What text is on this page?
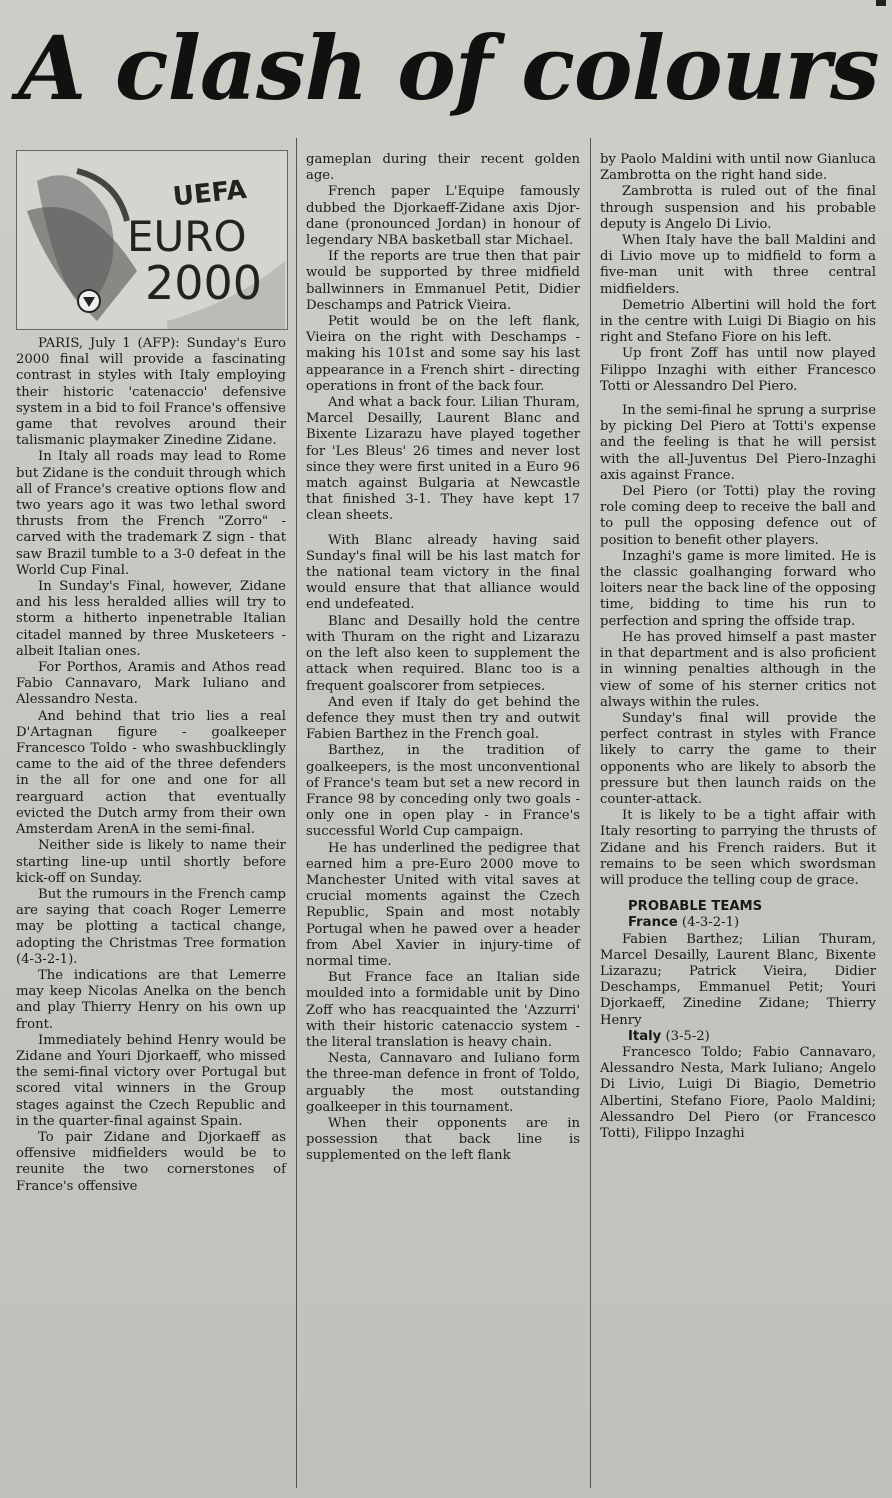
A clash of colours
UEFA
EURO
2000

PARIS, July 1 (AFP): Sunday's Euro 2000 final will provide a fascinating contrast in styles with Italy employing their historic 'catenaccio' defensive system in a bid to foil France's offensive game that revolves around their talismanic playmaker Zinedine Zidane.

In Italy all roads may lead to Rome but Zidane is the conduit through which all of France's creative options flow and two years ago it was two lethal sword thrusts from the French "Zorro" - carved with the trademark Z sign - that saw Brazil tumble to a 3-0 defeat in the World Cup Final.

In Sunday's Final, however, Zidane and his less heralded allies will try to storm a hitherto inpenetrable Italian citadel manned by three Musketeers - albeit Italian ones.

For Porthos, Aramis and Athos read Fabio Cannavaro, Mark Iuliano and Alessandro Nesta.

And behind that trio lies a real D'Artagnan figure - goalkeeper Francesco Toldo - who swashbucklingly came to the aid of the three defenders in the all for one and one for all rearguard action that eventually evicted the Dutch army from their own Amsterdam ArenA in the semi-final.

Neither side is likely to name their starting line-up until shortly before kick-off on Sunday.

But the rumours in the French camp are saying that coach Roger Lemerre may be plotting a tactical change, adopting the Christmas Tree formation (4-3-2-1).

The indications are that Lemerre may keep Nicolas Anelka on the bench and play Thierry Henry on his own up front.

Immediately behind Henry would be Zidane and Youri Djorkaeff, who missed the semi-final victory over Portugal but scored vital winners in the Group stages against the Czech Republic and in the quarter-final against Spain.

To pair Zidane and Djorkaeff as offensive midfielders would be to reunite the two cornerstones of France's offensive

gameplan during their recent golden age.

French paper L'Equipe famously dubbed the Djorkaeff-Zidane axis Djor-dane (pronounced Jordan) in honour of legendary NBA basketball star Michael.

If the reports are true then that pair would be supported by three midfield ballwinners in Emmanuel Petit, Didier Deschamps and Patrick Vieira.

Petit would be on the left flank, Vieira on the right with Deschamps - making his 101st and some say his last appearance in a French shirt - directing operations in front of the back four.

And what a back four. Lilian Thuram, Marcel Desailly, Laurent Blanc and Bixente Lizarazu have played together for 'Les Bleus' 26 times and never lost since they were first united in a Euro 96 match against Bulgaria at Newcastle that finished 3-1. They have kept 17 clean sheets.

With Blanc already having said Sunday's final will be his last match for the national team victory in the final would ensure that that alliance would end undefeated.

Blanc and Desailly hold the centre with Thuram on the right and Lizarazu on the left also keen to supplement the attack when required. Blanc too is a frequent goalscorer from setpieces.

And even if Italy do get behind the defence they must then try and outwit Fabien Barthez in the French goal.

Barthez, in the tradition of goalkeepers, is the most unconventional of France's team but set a new record in France 98 by conceding only two goals - only one in open play - in France's successful World Cup campaign.

He has underlined the pedigree that earned him a pre-Euro 2000 move to Manchester United with vital saves at crucial moments against the Czech Republic, Spain and most notably Portugal when he pawed over a header from Abel Xavier in injury-time of normal time.

But France face an Italian side moulded into a formidable unit by Dino Zoff who has reacquainted the 'Azzurri' with their historic catenaccio system - the literal translation is heavy chain.

Nesta, Cannavaro and Iuliano form the three-man defence in front of Toldo, arguably the most outstanding goalkeeper in this tournament.

When their opponents are in possession that back line is supplemented on the left flank

by Paolo Maldini with until now Gianluca Zambrotta on the right hand side.

Zambrotta is ruled out of the final through suspension and his probable deputy is Angelo Di Livio.

When Italy have the ball Maldini and di Livio move up to midfield to form a five-man unit with three central midfielders.

Demetrio Albertini will hold the fort in the centre with Luigi Di Biagio on his right and Stefano Fiore on his left.

Up front Zoff has until now played Filippo Inzaghi with either Francesco Totti or Alessandro Del Piero.

In the semi-final he sprung a surprise by picking Del Piero at Totti's expense and the feeling is that he will persist with the all-Juventus Del Piero-Inzaghi axis against France.

Del Piero (or Totti) play the roving role coming deep to receive the ball and to pull the opposing defence out of position to benefit other players.

Inzaghi's game is more limited. He is the classic goalhanging forward who loiters near the back line of the opposing time, bidding to time his run to perfection and spring the offside trap.

He has proved himself a past master in that department and is also proficient in winning penalties although in the view of some of his sterner critics not always within the rules.

Sunday's final will provide the perfect contrast in styles with France likely to carry the game to their opponents who are likely to absorb the pressure but then launch raids on the counter-attack.

It is likely to be a tight affair with Italy resorting to parrying the thrusts of Zidane and his French raiders. But it remains to be seen which swordsman will produce the telling coup de grace.

PROBABLE TEAMS
France (4-3-2-1)

Fabien Barthez; Lilian Thuram, Marcel Desailly, Laurent Blanc, Bixente Lizarazu; Patrick Vieira, Didier Deschamps, Emmanuel Petit; Youri Djorkaeff, Zinedine Zidane; Thierry Henry

Italy (3-5-2)

Francesco Toldo; Fabio Cannavaro, Alessandro Nesta, Mark Iuliano; Angelo Di Livio, Luigi Di Biagio, Demetrio Albertini, Stefano Fiore, Paolo Maldini; Alessandro Del Piero (or Francesco Totti), Filippo Inzaghi
